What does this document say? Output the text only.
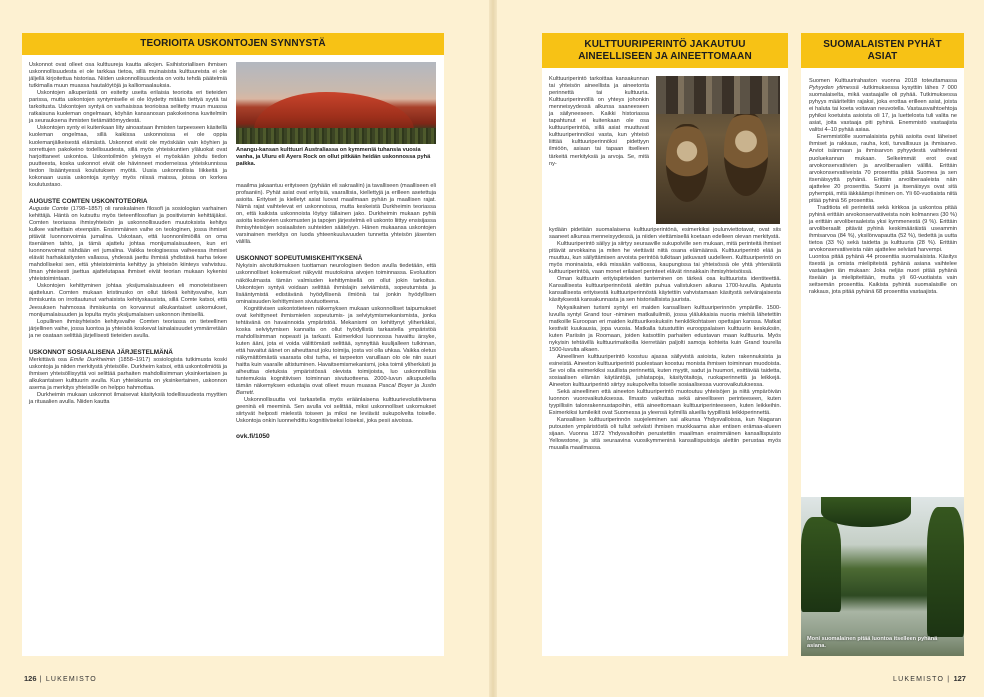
TEORIOITA USKONTOJEN SYNNYSTÄ

Uskonnot ovat olleet osa kulttuureja kautta aikojen. Esihistoriallisen ihmisen uskonnollisuudesta ei ole tarkkaa tietoa, sillä muinaisista kulttuureista ei ole jäljellä kirjoitettua historiaa. Niiden uskonnollisuudesta on voitu tehdä päätelmiä tutkimalla muun muassa hautalöytöjä ja kalliomaalauksia.

Uskontojen alkuperästä on esitetty useita erilaisia teorioita eri tieteiden parissa, mutta uskontojen syntymiselle ei ole löydetty mitään tiettyä syytä tai tarkoitusta. Uskontojen syntyä on varhaisissa teorioissa selitetty muun muassa ratkaisuna kuoleman ongelmaan, köyhän kansanosan pakokeinona kuvitelmiin ja seurauksena ihmisten tietämättömyydestä.

Uskontojen synty ei kuitenkaan liity ainoastaan ihmisten tarpeeseen käsitellä kuoleman ongelmaa, sillä kaikissa uskonnoissa ei ole oppia kuolemanjälkeisestä elämästä. Uskonnot eivät ole myöskään vain köyhien ja sorrettujen pakokeino todellisuudesta, sillä myös yhteiskuntien yläluokat ovat harjoittaneet uskontoa. Uskontoilmiön yleisyys ei myöskään johdu tiedon puutteesta, koska uskonnot eivät ole hävinneet moderneissa yhteiskunnissa tiedon lisääntyessä koulutuksen myötä. Uusia uskonnollisia liikkeitä ja kokonaan uusia uskontoja syntyy myös niissä maissa, joissa on korkea koulutustaso.

AUGUSTE COMTEN USKONTOTEORIA

Auguste Comte (1798–1857) oli ranskalainen filosofi ja sosiologian varhainen kehittäjä. Häntä on kutsuttu myös tieteenfilosofian ja positivismin kehittäjäksi. Comten teoriassa ihmisyhteisön ja uskonnollisuuden muutoksista kehitys kulkee vaiheittain eteenpäin. Ensimmäinen vaihe on teologinen, jossa ihmiset pitävät luonnonvoimia jumalina. Uskotaan, että luonnonilmiöillä on oma itsenäinen tahto, ja tämä ajattelu johtaa monijumalaisuuteen, kun eri luonnonvoimat nähdään eri jumalina. Vaikka teologisessa vaiheessa ihmiset elävät harhakäsitysten vallassa, yhdessä jaettu ihmisiä yhdistävä harha tekee mahdolliseksi sen, että yhteistoiminta kehittyy ja yhteisön kiinteys vahvistuu. Ilman yhteisesti jaettua ajattelutapaa ihmiset eivät teorian mukaan kykenisi yhteistoimintaan.

Uskontojen kehittyminen johtaa yksijumalaisuuteen eli monoteistiseen ajatteluun. Comten mukaan kristinusko on ollut tärkeä kehitysvaihe, kun ihmiskunta on irrottautunut varhaisista kehityskausista, sillä Comte katsoi, että Jeesuksen hahmossa ihmiskunta on korvannut alkukantaiset uskomukset, monijumalaisuuden ja lopulta myös yksijumalaisen uskonnon ihmisellä.

Lopullinen ihmisyhteisön kehitysvaihe Comten teoriassa on tieteellinen järjellinen vaihe, jossa luontoa ja yhteisöä koskevat lainalaisuudet ymmärretään ja ne osataan selittää järjellisesti tieteiden avulla.

USKONNOT SOSIAALISENA JÄRJESTELMÄNÄ

Merkittävä osa Emile Durkheimin (1858–1917) sosiologista tutkimusta koski uskontoja ja niiden merkitystä yhteisölle. Durkheim katsoi, että uskontoilmiötä ja ihmisen yhteisöllisyyttä voi selittää parhaiten mahdollisimman yksinkertaisen ja alkukantaisen kulttuurin avulla. Kun yhteiskunta on yksinkertainen, uskonnon asema ja merkitys yhteisölle on helppo hahmottaa.

Durkheimin mukaan uskonnot ilmaisevat käsityksiä todellisuudesta myyttien ja rituaalien avulla. Niiden kautta

Anangu-kansan kulttuuri Australiassa on kymmeniä tuhansia vuosia vanha, ja Uluru eli Ayers Rock on ollut pitkään heidän uskonnossa pyhä paikka.

maailma jakaantuu erityiseen (pyhään eli sakraaliin) ja tavalliseen (maalliseen eli profaaniin). Pyhät asiat ovat erityisiä, vaarallisia, kiellettyjä ja erilleen asetettuja asioita. Erityiset ja kielletyt asiat luovat maailmaan pyhän ja maallisen rajat. Nämä rajat vaihtelevat eri uskonnoissa, mutta keskeistä Durkheimin teoriassa on, että kaikista uskonnoista löytyy tällainen jako. Durkheimin mukaan pyhiä asioita koskevien uskomusten ja tapojen järjestelmä eli uskonto liittyy ensisijassa ihmisyhteisöjen sosiaalisten suhteiden säätelyyn. Hänen mukaansa uskontojen varsinainen merkitys on luoda yhteenkuuluvuuden tunnetta yhteisön jäsenten välillä.

USKONNOT SOPEUTUMISKEHITYKSENÄ

Nykyisin aivotutkimuksen tuottaman neurologisen tiedon avulla tiedetään, että uskonnolliset kokemukset näkyvät muutoksina aivojen toiminnassa. Evoluution näkökulmasta tämän valmiuden kehittymisellä on ollut jokin tarkoitus. Uskontojen syntyä voidaan selittää ihmislajin selviämistä, sopeutumista ja lisääntymistä edistävänä hyödyllisenä ilmiönä tai jonkin hyödyllisen ominaisuuden kehittymisen sivutuotteena.

Kognitiivisen uskontotieteen näkemyksen mukaan uskonnolliset taipumukset ovat kehittyneet ihmismielen sopeutumis- ja selviytymismekanismista, jonka tehtävänä on havainnoida ympäristöä. Mekanismi on kehittynyt yliherkäksi, koska selviytymisen kannalta on ollut hyödyllistä tarkastella ympäristöä mahdollisimman nopeasti ja tarkasti. Esimerkiksi luonnossa havaittu ärsyke, kuten ääni, jota ei voida välittömästi selittää, synnyttää kuulijalleen tulkinnan, että havaitut äänet on aiheuttanut joku toimija, josta voi olla uhkaa. Vaikka oletus näkymättömästä vaarasta olisi turha, ei tarpeeton varuillaan olo ole niin suuri haitta kuin vaaralle altistuminen. Havaitsemismekanismi, joka toimii yliherkästi ja aiheuttaa oletuksia ympäristössä olevista toimijoista, luo uskonnollisia tuntemuksia kognitiivisen toiminnan sivutuotteena. 2000-luvun alkupuolella tämän näkemyksen edustajia ovat olleet muun muassa Pascal Boyer ja Justin Barrett.

Uskonnollisuutta voi tarkastella myös eräänlaisena kulttuurievolutiivisena geeninä eli meeminä. Sen avulla voi selittää, miksi uskonnolliset uskomukset siirtyvät helposti mielestä toiseen ja miksi ne leviävät sukupolvelta toiselle. Uskontoja onkin luonnehdittu kognitiiviseksi loiseksi, joka pesii aivoissa.

ovk.fi/1050
126 | LUKEMISTO
KULTTUURIPERINTÖ JAKAUTUU AINEELLISEEN JA AINEETTOMAAN

Kulttuuriperintö tarkoittaa kansakunnan tai yhteisön aineellista ja aineetonta perinnettä tai kulttuuria. Kulttuuriperinnöllä on yhteys johonkin menneisyydessä alkunsa saaneeseen ja säilyneeseen. Kaikki historiassa tapahtunut ei kuitenkaan ole osa kulttuuriperintöä, sillä asiat muuttuvat kulttuuriperinnöksi vasta, kun yhteisö liittää kulttuuriperinnöksi pidettyyn ilmiöön, asiaan tai tapaan itselleen tärkeitä merkityksiä ja arvoja. Se, mitä ny-

kydään pidetään suomalaisena kulttuuriperintönä, esimerkiksi joulunviettotavat, ovat siis saaneet alkunsa menneisyydessä, ja niiden viettämisellä koetaan edelleen olevan merkitystä.

Kulttuuriperintö säilyy ja siirtyy seuraaville sukupolville sen mukaan, mitä perinteitä ihmiset pitävät arvokkaina ja miten he viettävät niitä osana elämäänsä. Kulttuuriperintö elää ja muuttuu, kun säilyttämisen arvoista perintöä tulkitaan jatkuvasti uudelleen. Kulttuuriperintö on myös moninaista, eikä missään valtiossa, kaupungissa tai yhteisössä ole yhtä yhtenäistä kulttuuriperintöä, vaan monet erilaiset perinteet elävät rinnakkain ihmisyhteisöissä.

Oman kulttuurin erityispiirteiden tunteminen on tärkeä osa kulttuurista identiteettiä. Kansallisesta kulttuuriperinnöstä alettiin puhua valistuksen aikana 1700-luvulla. Ajatusta kansallisesta erityisestä kulttuuriperinnöstä käytettiin vahvistamaan käsitystä selvärajaisesta käsityksestä kansakunnasta ja sen historiallisista juurista.

Nykyaikainen turismi syntyi eri maiden kansallisen kulttuuriperinnön ympärille. 1500-luvulla syntyi Grand tour -niminen matkailuilmiö, jossa ylälukkaisia nuoria miehiä lähetettiin matkoille Euroopan eri maiden kulttuurikeskuksiin henkilökohtaisen opettajan kanssa. Matkat kestivät kuukausia, jopa vuosia. Matkalla tutustuttiin eurooppalaisen kulttuurin keskuksiin, kuten Pariisiin ja Roomaan, joiden katsottiin parhaiten edustavan maan kulttuuria. Myös nykyisin tehtävillä kulttuurimatkoilla kierretään paljolti samoja kohteita kuin Grand tourella 1500-luvulta alkaen.

Aineellinen kulttuuriperintö koostuu ajassa säilyvistä asioista, kuten rakennuksista ja esineistä. Aineeton kulttuuriperintö puolestaan koostuu monista ihmisen toiminnan muodoista. Se voi olla esimerkiksi suullista perinnettä, kuten myytit, sadut ja huumori, esittävää taidetta, sosiaalisen elämän käytäntöjä, juhlatapoja, käsityötaitoja, ruokaperinnettä ja leikkejä. Aineeton kulttuuriperintö siirtyy sukupolvelta toiselle sosiaalisessa vuorovaikutuksessa.

Sekä aineellinen että aineeton kulttuuriperintö muotoutuu yhteisöjen ja niitä ympäröivän luonnon vuorovaikutuksessa. Ilmasto vaikuttaa sekä aineelliseen perinteeseen, kuten tyypillisiin talonrakennustapoihin, että aineettomaan kulttuuriperinteeseen, kuten leikkeihin. Esimerkiksi lumileikit ovat Suomessa ja yleensä kylmillä alueilla tyypillistä leikkiperinnettä.

Kansallisen kulttuuriperinnön suojeleminen sai alkunsa Yhdysvalloissa, kun Niagaran putousten ympäristöstä oli tullut selvästi ihmisen muokkaama alue entisen erämaa-alueen sijaan. Vuonna 1872 Yhdysvaltoihin perustettiin maailman ensimmäinen kansallispuisto Yellowstone, ja sitä seuraavina vuosikymmeninä kansallispuistoja alettiin perustaa myös muualla maailmassa.

SUOMALAISTEN PYHÄT ASIAT

Suomen Kulttuurirahaston vuonna 2018 toteuttamassa Pyhyyden ytimessä -tutkimuksessa kysyttiin lähes 7 000 suomalaiselta, mikä vastaajalle oli pyhää. Tutkimuksessa pyhyys määriteltiin rajaksi, joka erottaa erilleen asiat, joista ei haluta tai koeta voitavan neuvotella. Vastausvaihtoehtoja pyhiksi koetuista asioista oli 17, ja luettelosta tuli valita ne asiat, joita vastaaja piti pyhinä. Enemmistö vastaajista valitsi 4–10 pyhää asiaa.

Enemmistölle suomalaisista pyhiä asioita ovat läheiset ihmiset ja rakkaus, rauha, koti, turvallisuus ja ihmisarvo. Arviot isänmaan ja ihmisarvon pyhyydestä vaihtelevat puoluekannan mukaan. Selkeimmät erot ovat arvokonservatiivien ja arvoliberaalien välillä. Erittäin arvokonservatiiveista 70 prosenttia pitää Suomea ja sen itsenäisyyttä pyhänä. Erittäin arvoliberaaleista näin ajattelee 20 prosenttia. Suomi ja itsenäisyys ovat sitä pyhempiä, mitä iäkkäämpi ihminen on. Yli 60-vuotiaista niitä pitää pyhinä 56 prosenttia.

Traditiota eli perinteitä sekä kirkkoa ja uskontoa pitää pyhinä erittäin arvokonservatiiveista noin kolmannes (30 %) ja erittäin arvoliberaaleista yksi kymmenestä (9 %). Erittäin arvoliberaalit pitävät pyhinä keskimääräistä useammin ihmisarvoa (84 %), yksilönvapautta (52 %), tiedettä ja uutta tietoa (33 %) sekä taidetta ja kulttuuria (28 %). Erittäin arvokonservatiiveista näin ajattelee selvästi harvempi.

Luontoa pitää pyhänä 44 prosenttia suomalaisista. Käsitys itsestä ja omista mielipiteistä pyhänä asiana vaihtelee vastaajien iän mukaan: Joka neljäs nuori pitää pyhänä itseään ja mielipiteitään, mutta yli 60-vuotiaista vain seitsemän prosenttia. Kaikista pyhintä suomalaisille on rakkaus, jota pitää pyhänä 68 prosenttia vastaajista.

Moni suomalainen pitää luontoa itselleen pyhänä asiana.
LUKEMISTO | 127
